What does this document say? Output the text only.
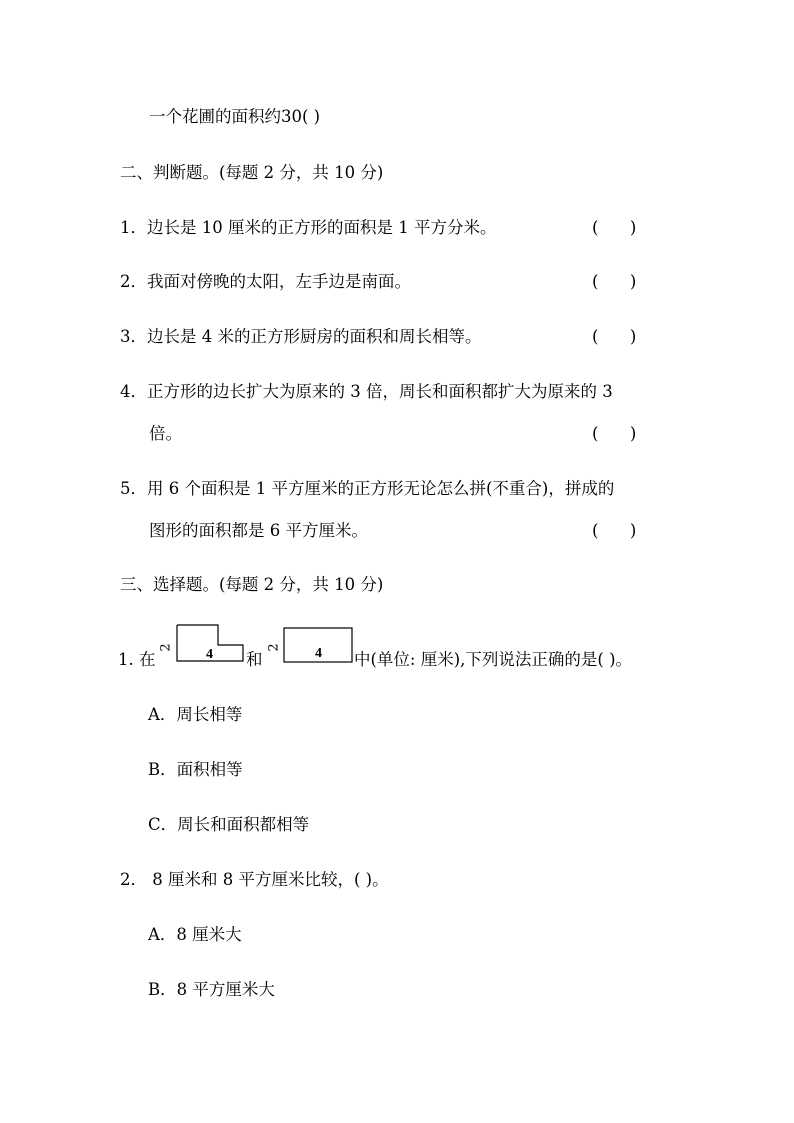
一个花圃的面积约30( )
二、判断题。(每题 2 分，共 10 分)
1．边长是 10 厘米的正方形的面积是 1 平方分米。	(      )
2．我面对傍晚的太阳，左手边是南面。	(      )
3．边长是 4 米的正方形厨房的面积和周长相等。	(      )
4．正方形的边长扩大为原来的 3 倍，周长和面积都扩大为原来的 3
倍。	(      )
5．用 6 个面积是 1 平方厘米的正方形无论怎么拼(不重合)，拼成的
图形的面积都是 6 平方厘米。	(      )
三、选择题。(每题 2 分，共 10 分)
1. 在
2 4 和
2 4 中(单位: 厘米),下列说法正确的是( )。
A．周长相等
B．面积相等
C．周长和面积都相等
2． 8 厘米和 8 平方厘米比较，( )。
A．8 厘米大
B．8 平方厘米大
